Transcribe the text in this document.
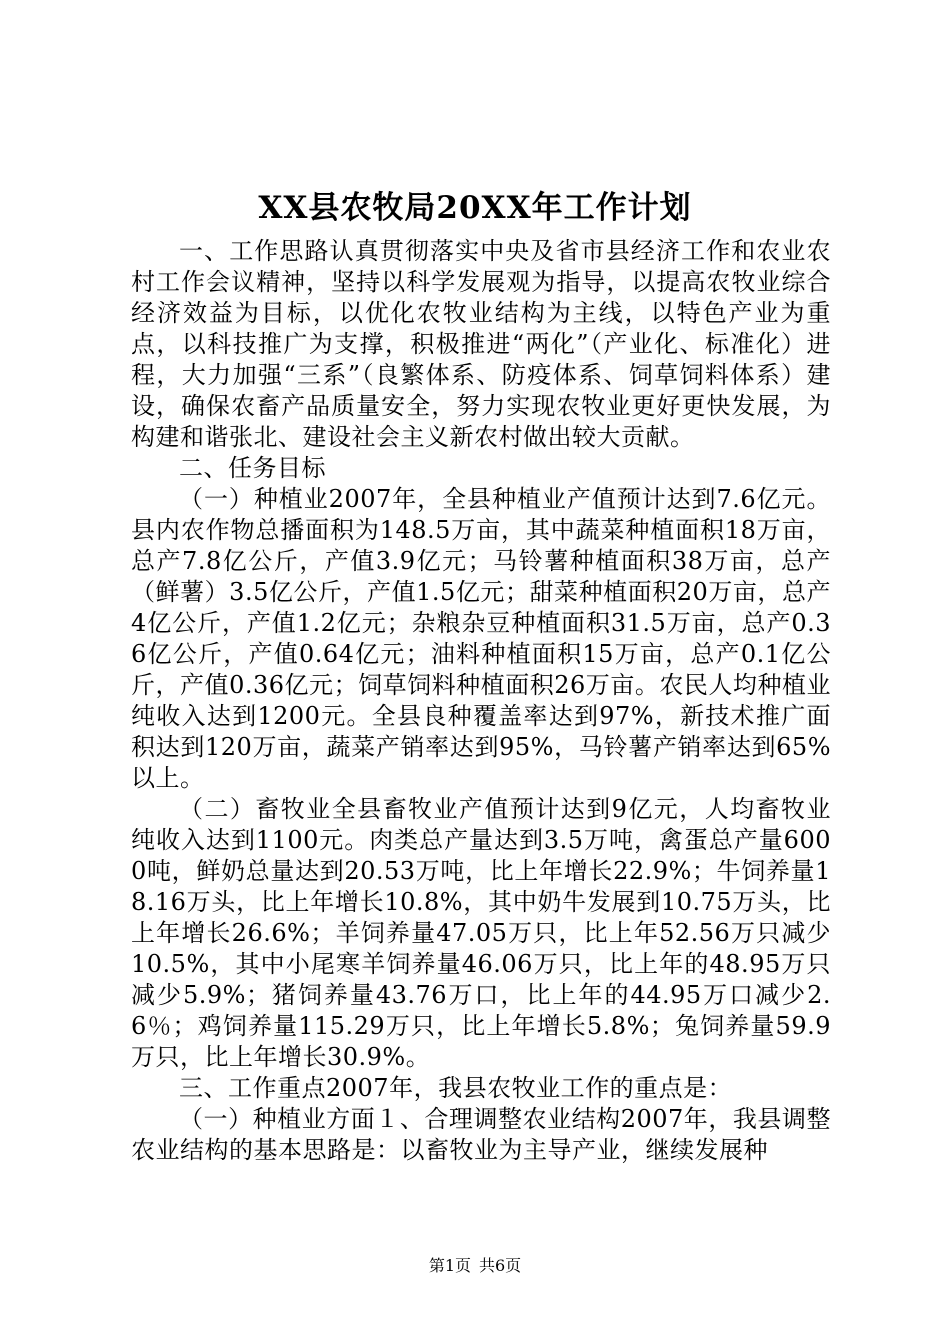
XX县农牧局20XX年工作计划

一、工作思路认真贯彻落实中央及省市县经济工作和农业农村工作会议精神，坚持以科学发展观为指导，以提高农牧业综合经济效益为目标，以优化农牧业结构为主线，以特色产业为重点，以科技推广为支撑，积极推进“两化”（产业化、标准化）进程，大力加强“三系”（良繁体系、防疫体系、饲草饲料体系）建设，确保农畜产品质量安全，努力实现农牧业更好更快发展，为构建和谐张北、建设社会主义新农村做出较大贡献。

二、任务目标

（一）种植业2007年，全县种植业产值预计达到7.6亿元。县内农作物总播面积为148.5万亩，其中蔬菜种植面积18万亩，总产7.8亿公斤，产值3.9亿元；马铃薯种植面积38万亩，总产（鲜薯）3.5亿公斤，产值1.5亿元；甜菜种植面积20万亩，总产4亿公斤，产值1.2亿元；杂粮杂豆种植面积31.5万亩，总产0.36亿公斤，产值0.64亿元；油料种植面积15万亩，总产0.1亿公斤，产值0.36亿元；饲草饲料种植面积26万亩。农民人均种植业纯收入达到1200元。全县良种覆盖率达到97%，新技术推广面积达到120万亩，蔬菜产销率达到95%，马铃薯产销率达到65%以上。

（二）畜牧业全县畜牧业产值预计达到9亿元，人均畜牧业纯收入达到1100元。肉类总产量达到3.5万吨，禽蛋总产量6000吨，鲜奶总量达到20.53万吨，比上年增长22.9%；牛饲养量18.16万头，比上年增长10.8%，其中奶牛发展到10.75万头，比上年增长26.6%；羊饲养量47.05万只，比上年52.56万只减少10.5%，其中小尾寒羊饲养量46.06万只，比上年的48.95万只减少5.9%；猪饲养量43.76万口，比上年的44.95万口减少2.6％；鸡饲养量115.29万只，比上年增长5.8%；兔饲养量59.9万只，比上年增长30.9%。

三、工作重点2007年，我县农牧业工作的重点是：

（一）种植业方面１、合理调整农业结构2007年，我县调整农业结构的基本思路是：以畜牧业为主导产业，继续发展种

第1页 共6页
